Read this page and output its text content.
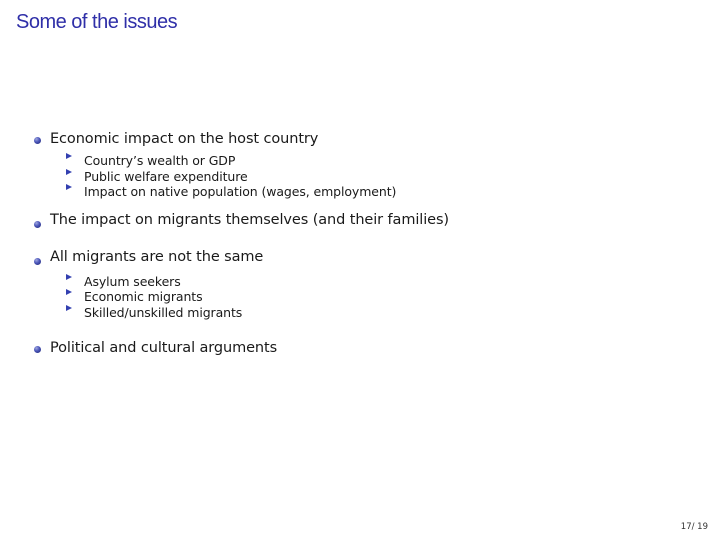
Some of the issues
Economic impact on the host country
Country’s wealth or GDP
Public welfare expenditure
Impact on native population (wages, employment)
The impact on migrants themselves (and their families)
All migrants are not the same
Asylum seekers
Economic migrants
Skilled/unskilled migrants
Political and cultural arguments
17/ 19
